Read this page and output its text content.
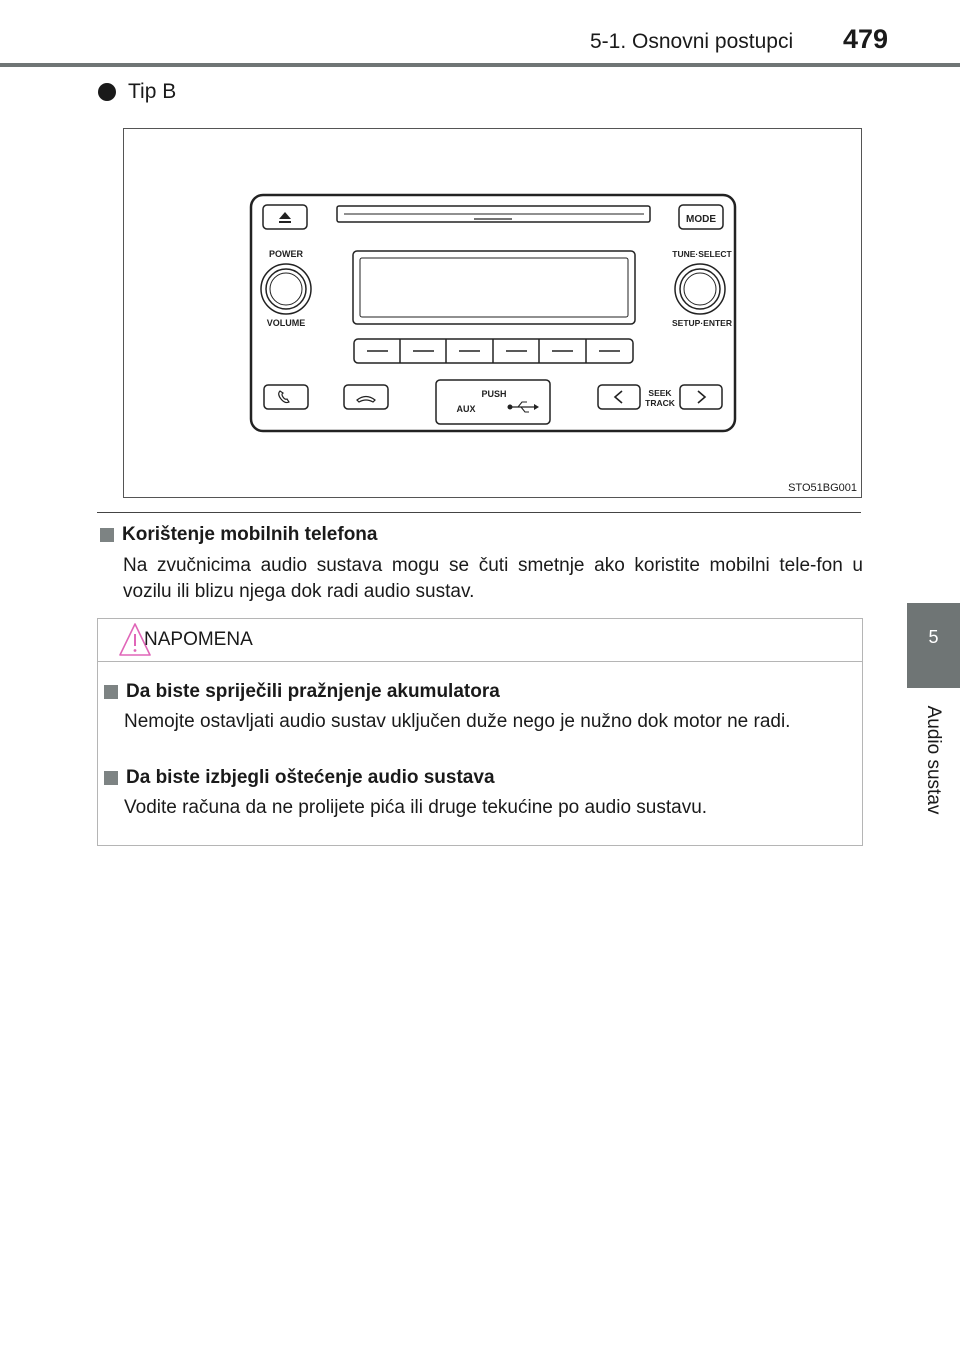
5-1. Osnovni postupci 479
5
Audio sustav
Tip B
MODE
POWER
VOLUME
TUNE·SELECT
SETUP·ENTER
PUSH
AUX
SEEK
TRACK
STO51BG001
Korištenje mobilnih telefona
Na zvučnicima audio sustava mogu se čuti smetnje ako koristite mobilni tele-fon u vozilu ili blizu njega dok radi audio sustav.
NAPOMENA
Da biste spriječili pražnjenje akumulatora
Nemojte ostavljati audio sustav uključen duže nego je nužno dok motor ne radi.
Da biste izbjegli oštećenje audio sustava
Vodite računa da ne prolijete pića ili druge tekućine po audio sustavu.
